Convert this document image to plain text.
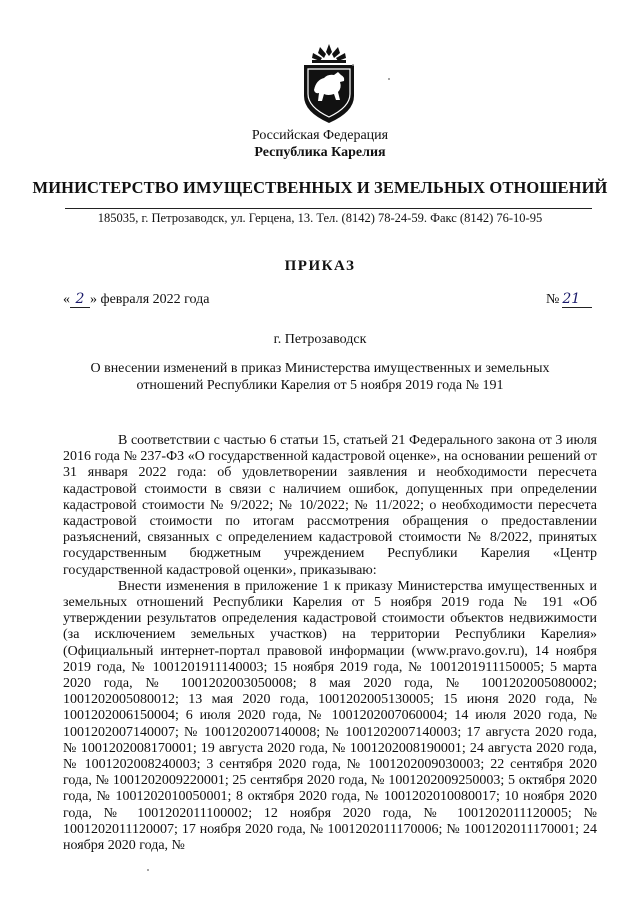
Российская Федерация
Республика Карелия
МИНИСТЕРСТВО ИМУЩЕСТВЕННЫХ И ЗЕМЕЛЬНЫХ ОТНОШЕНИЙ
185035, г. Петрозаводск, ул. Герцена, 13. Тел. (8142) 78-24-59. Факс (8142) 76-10-95
ПРИКАЗ
« 2 » февраля 2022 года	№ 21
г. Петрозаводск
О внесении изменений в приказ Министерства имущественных и земельных
отношений Республики Карелия от 5 ноября 2019 года № 191

В соответствии с частью 6 статьи 15, статьей 21 Федерального закона от 3 июля 2016 года № 237-ФЗ «О государственной кадастровой оценке», на основании решений от 31 января 2022 года: об удовлетворении заявления и необходимости пересчета кадастровой стоимости в связи с наличием ошибок, допущенных при определении кадастровой стоимости № 9/2022; № 10/2022; № 11/2022; о необходимости пересчета кадастровой стоимости по итогам рассмотрения обращения о предоставлении разъяснений, связанных с определением кадастровой стоимости № 8/2022, принятых государственным бюджетным учреждением Республики Карелия «Центр государственной кадастровой оценки», приказываю:

Внести изменения в приложение 1 к приказу Министерства имущественных и земельных отношений Республики Карелия от 5 ноября 2019 года № 191 «Об утверждении результатов определения кадастровой стоимости объектов недвижимости (за исключением земельных участков) на территории Республики Карелия» (Официальный интернет-портал правовой информации (www.pravo.gov.ru), 14 ноября 2019 года, № 1001201911140003; 15 ноября 2019 года, № 1001201911150005; 5 марта 2020 года, № 1001202003050008; 8 мая 2020 года, № 1001202005080002; 1001202005080012; 13 мая 2020 года, 1001202005130005; 15 июня 2020 года, № 1001202006150004; 6 июля 2020 года, № 1001202007060004; 14 июля 2020 года, № 1001202007140007; № 1001202007140008; № 1001202007140003; 17 августа 2020 года, № 1001202008170001; 19 августа 2020 года, № 1001202008190001; 24 августа 2020 года, № 1001202008240003; 3 сентября 2020 года, № 1001202009030003; 22 сентября 2020 года, № 1001202009220001; 25 сентября 2020 года, № 1001202009250003; 5 октября 2020 года, № 1001202010050001; 8 октября 2020 года, № 1001202010080017; 10 ноября 2020 года, № 1001202011100002; 12 ноября 2020 года, № 1001202011120005; № 1001202011120007; 17 ноября 2020 года, № 1001202011170006; № 1001202011170001; 24 ноября 2020 года, №
